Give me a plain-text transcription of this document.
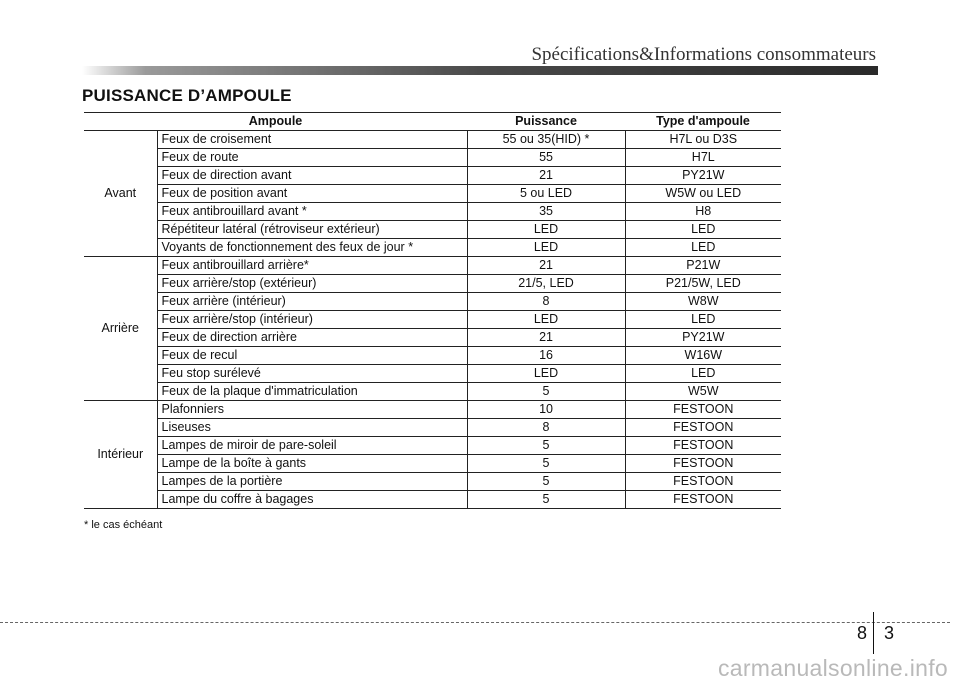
Spécifications&Informations consommateurs
PUISSANCE D’AMPOULE
Ampoule		Puissance	Type d'ampoule
Avant	Feux de croisement	55 ou 35(HID) *	H7L ou D3S
	Feux de route	55	H7L
	Feux de direction avant	21	PY21W
	Feux de position avant	5 ou LED	W5W ou LED
	Feux antibrouillard avant *	35	H8
	Répétiteur latéral (rétroviseur extérieur)	LED	LED
	Voyants de fonctionnement des feux de jour *	LED	LED
Arrière	Feux antibrouillard arrière*	21	P21W
	Feux arrière/stop (extérieur)	21/5, LED	P21/5W, LED
	Feux arrière (intérieur)	8	W8W
	Feux arrière/stop (intérieur)	LED	LED
	Feux de direction arrière	21	PY21W
	Feux de recul	16	W16W
	Feu stop surélevé	LED	LED
	Feux de la plaque d'immatriculation	5	W5W
Intérieur	Plafonniers	10	FESTOON
	Liseuses	8	FESTOON
	Lampes de miroir de pare-soleil	5	FESTOON
	Lampe de la boîte à gants	5	FESTOON
	Lampes de la portière	5	FESTOON
	Lampe du coffre à bagages	5	FESTOON
* le cas échéant
8 3
carmanualsonline.info
